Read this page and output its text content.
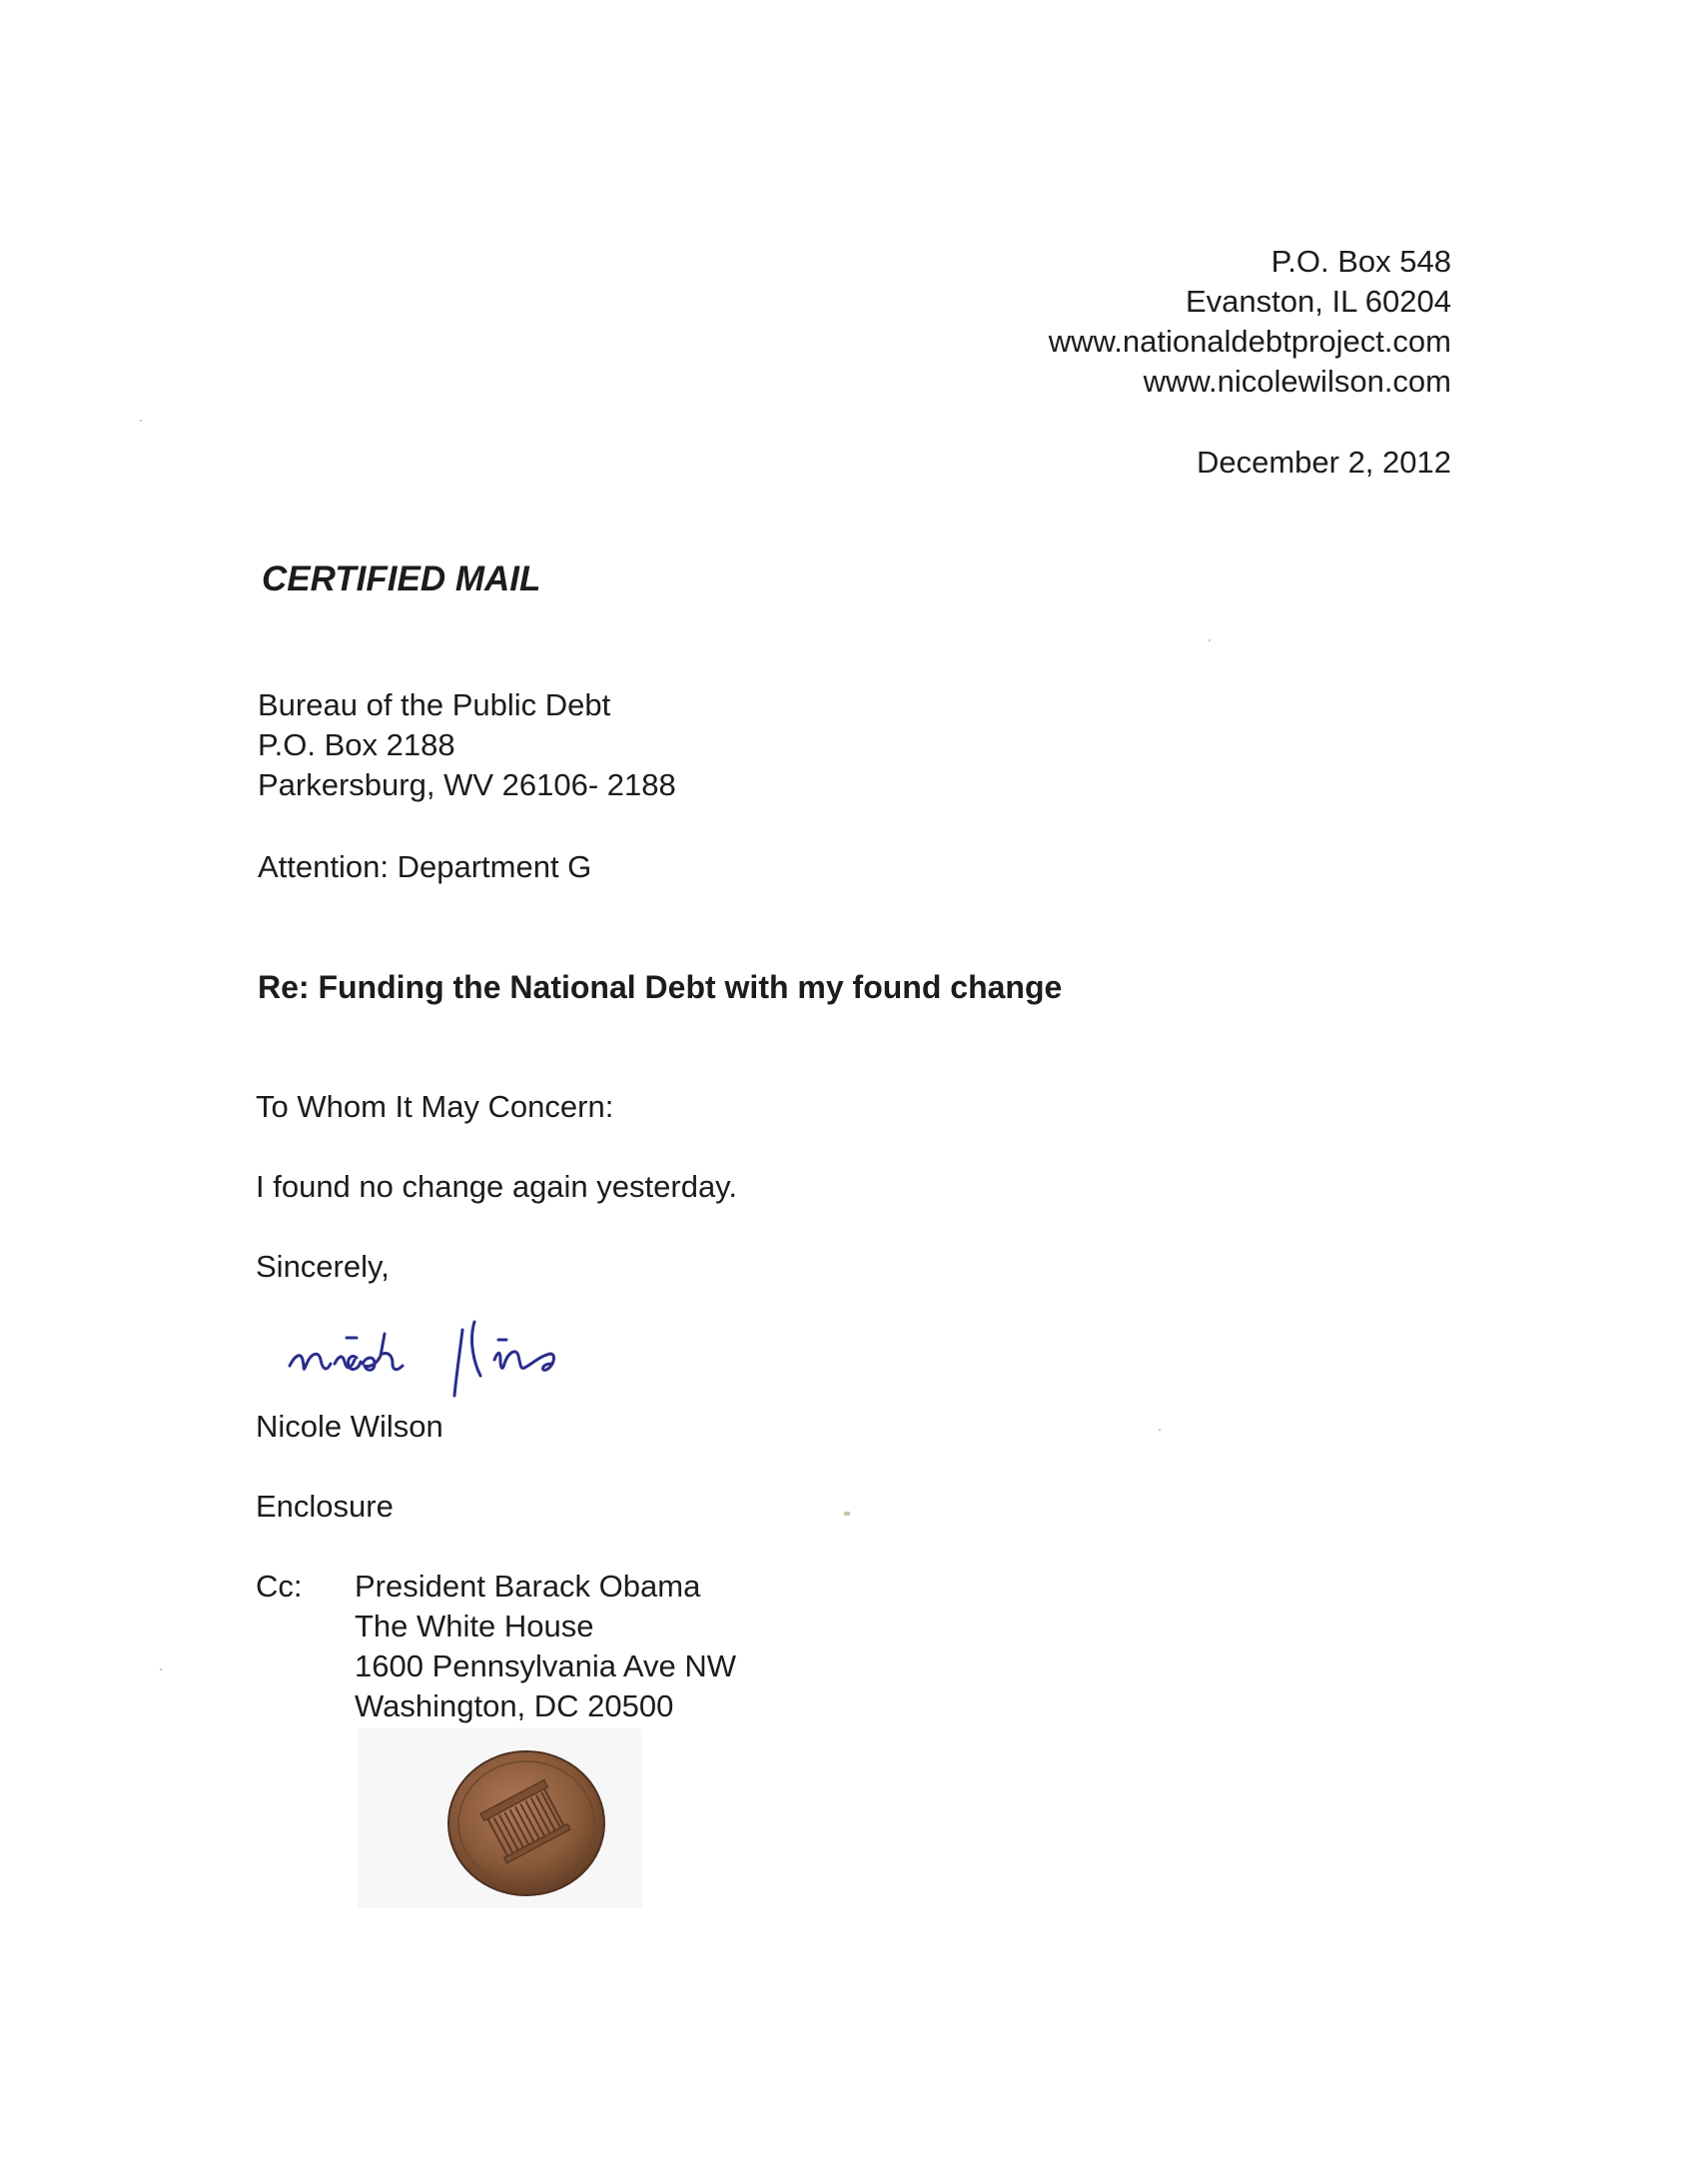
P.O. Box 548
Evanston, IL 60204
www.nationaldebtproject.com
www.nicolewilson.com
December 2, 2012
CERTIFIED MAIL
Bureau of the Public Debt
P.O. Box 2188
Parkersburg, WV 26106- 2188
Attention: Department G
Re: Funding the National Debt with my found change
To Whom It May Concern:
I found no change again yesterday.
Sincerely,
Nicole Wilson
Enclosure
Cc: President Barack Obama
The White House
1600 Pennsylvania Ave NW
Washington, DC 20500
